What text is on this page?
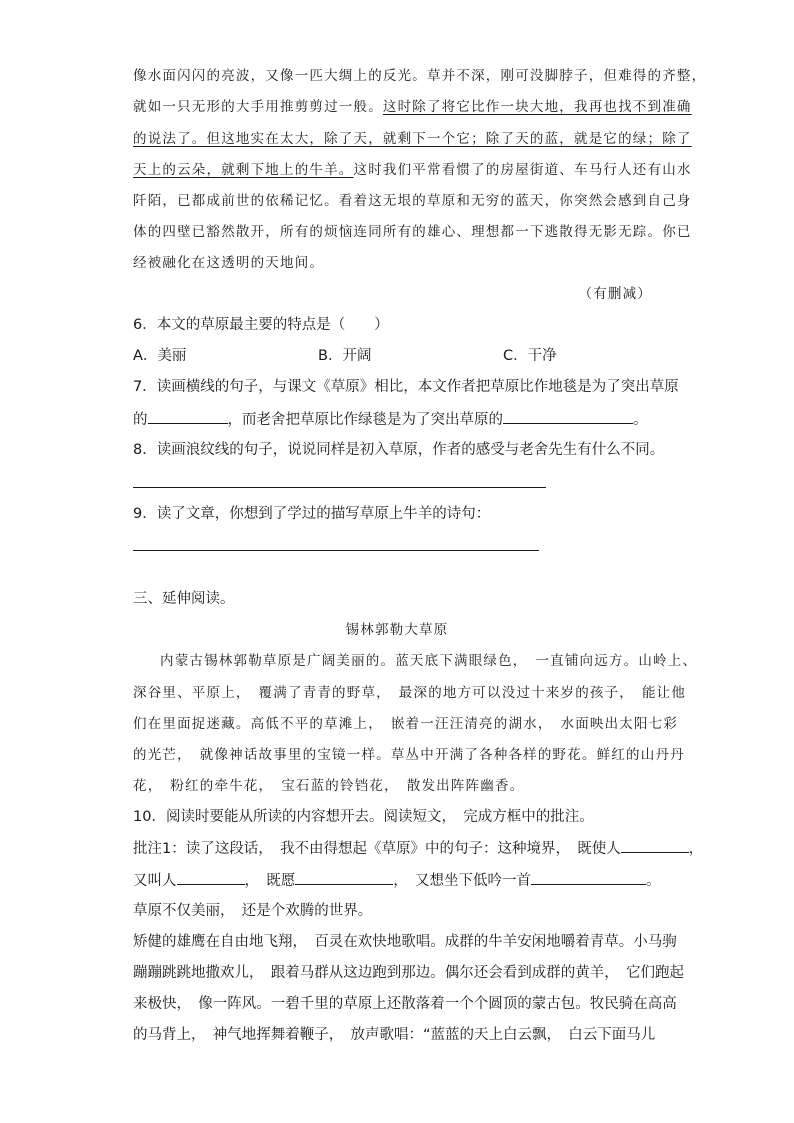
像水面闪闪的亮波，又像一匹大绸上的反光。草并不深，刚可没脚脖子，但难得的齐整，
就如一只无形的大手用推剪剪过一般。这时除了将它比作一块大地，我再也找不到准确
的说法了。但这地实在太大，除了天，就剩下一个它；除了天的蓝，就是它的绿；除了
天上的云朵，就剩下地上的牛羊。这时我们平常看惯了的房屋街道、车马行人还有山水
阡陌，已都成前世的依稀记忆。看着这无垠的草原和无穷的蓝天，你突然会感到自己身
体的四壁已豁然散开，所有的烦恼连同所有的雄心、理想都一下逃散得无影无踪。你已
经被融化在这透明的天地间。
（有删减）
6．本文的草原最主要的特点是（　　）
A．美丽	B．开阔	C．干净
7．读画横线的句子，与课文《草原》相比，本文作者把草原比作地毯是为了突出草原
的	，而老舍把草原比作绿毯是为了突出草原的	。
8．读画浪纹线的句子，说说同样是初入草原，作者的感受与老舍先生有什么不同。
9．读了文章，你想到了学过的描写草原上牛羊的诗句：
三、延伸阅读。
锡林郭勒大草原
内蒙古锡林郭勒草原是广阔美丽的。蓝天底下满眼绿色，　一直铺向远方。山岭上、
深谷里、平原上，　覆满了青青的野草，　最深的地方可以没过十来岁的孩子，　能让他
们在里面捉迷藏。高低不平的草滩上，　嵌着一汪汪清亮的湖水，　水面映出太阳七彩
的光芒，　就像神话故事里的宝镜一样。草丛中开满了各种各样的野花。鲜红的山丹丹
花，　粉红的牵牛花，　宝石蓝的铃铛花，　散发出阵阵幽香。
10．阅读时要能从所读的内容想开去。阅读短文，　完成方框中的批注。
批注1：读了这段话，　我不由得想起《草原》中的句子：这种境界，　既使人	，
又叫人	，　既愿	，　又想坐下低吟一首	。
草原不仅美丽，　还是个欢腾的世界。
矫健的雄鹰在自由地飞翔，　百灵在欢快地歌唱。成群的牛羊安闲地嚼着青草。小马驹
蹦蹦跳跳地撒欢儿，　跟着马群从这边跑到那边。偶尔还会看到成群的黄羊，　它们跑起
来极快，　像一阵风。一碧千里的草原上还散落着一个个圆顶的蒙古包。牧民骑在高高
的马背上，　神气地挥舞着鞭子，　放声歌唱：“蓝蓝的天上白云飘，　白云下面马儿
